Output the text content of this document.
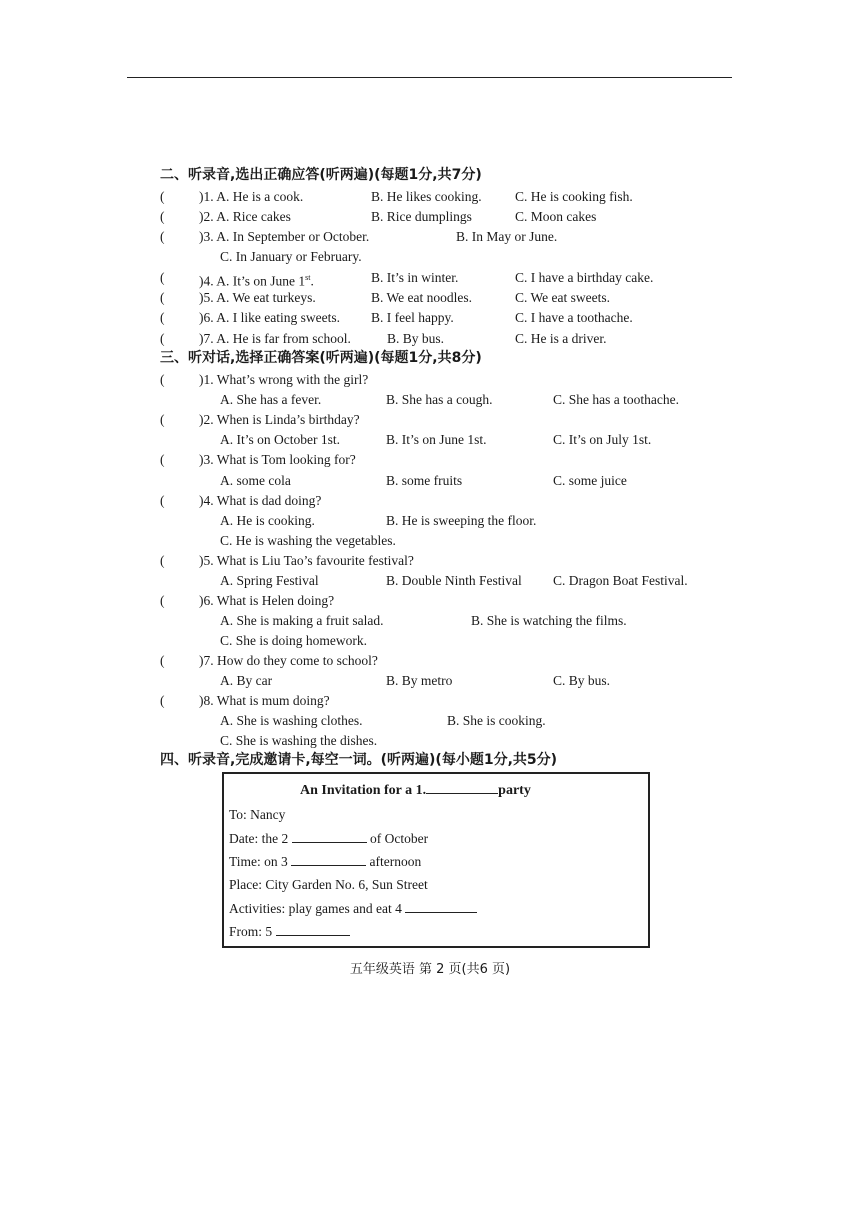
二、听录音,选出正确应答(听两遍)(每题1分,共7分)
(	)1. A. He is a cook.	B. He likes cooking. C. He is cooking fish.
(	)2. A. Rice cakes	B. Rice dumplings	C. Moon cakes
(	)3. A. In September or October.	B. In May or June.
C. In January or February.
(	)4. A. It’s on June 1st.	B. It’s in winter.	C. I have a birthday cake.
(	)5. A. We eat turkeys.	B. We eat noodles.	C. We eat sweets.
(	)6. A. I like eating sweets. B. I feel happy.	C. I have a toothache.
(	)7. A. He is far from school.	B. By bus.	C. He is a driver.
三、听对话,选择正确答案(听两遍)(每题1分,共8分)
(	)1. What’s wrong with the girl?
A. She has a fever.	B. She has a cough.	C. She has a toothache.
(	)2. When is Linda’s birthday?
A. It’s on October 1st.	B. It’s on June 1st.	C. It’s on July 1st.
(	)3. What is Tom looking for?
A. some cola	B. some fruits	C. some juice
(	)4. What is dad doing?
A. He is cooking.	B. He is sweeping the floor.
C. He is washing the vegetables.
(	)5. What is Liu Tao’s favourite festival?
A. Spring Festival	B. Double Ninth Festival C. Dragon Boat Festival.
(	)6. What is Helen doing?
A. She is making a fruit salad.	B. She is watching the films.
C. She is doing homework.
(	)7. How do they come to school?
A. By car	B. By metro	C. By bus.
(	)8. What is mum doing?
A. She is washing clothes.	B. She is cooking.
C. She is washing the dishes.
四、听录音,完成邀请卡,每空一词。(听两遍)(每小题1分,共5分)
An Invitation for a 1.	party
To: Nancy
Date: the 2	of October
Time: on 3	afternoon
Place: City Garden No. 6, Sun Street
Activities: play games and eat 4
From: 5
五年级英语 第 2 页(共6 页)
